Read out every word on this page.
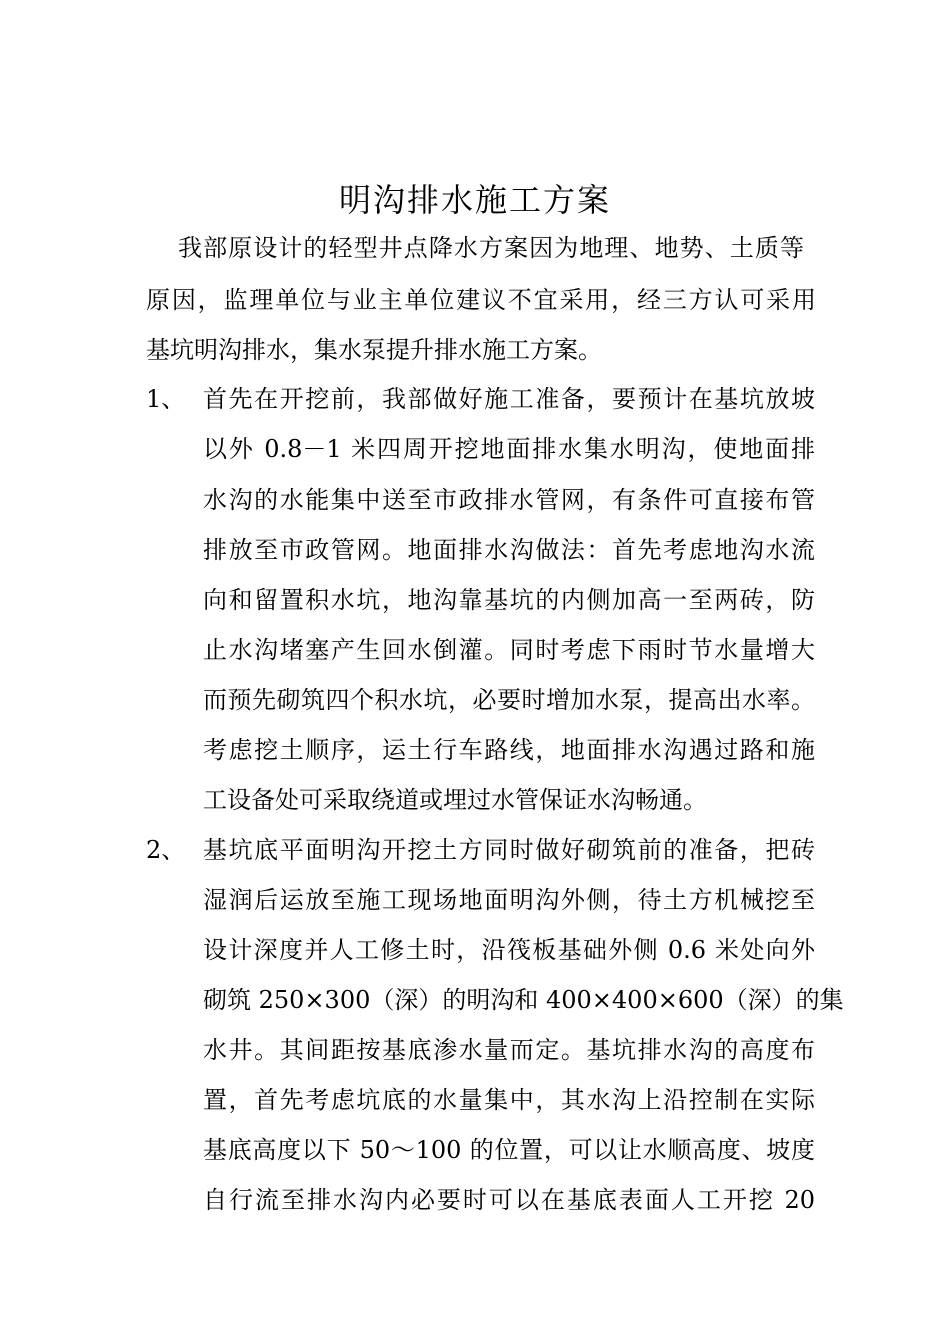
明沟排水施工方案
我部原设计的轻型井点降水方案因为地理、地势、土质等
原因，监理单位与业主单位建议不宜采用，经三方认可采用
基坑明沟排水，集水泵提升排水施工方案。
1、 首先在开挖前，我部做好施工准备，要预计在基坑放坡
以外 0.8－1 米四周开挖地面排水集水明沟，使地面排
水沟的水能集中送至市政排水管网，有条件可直接布管
排放至市政管网。地面排水沟做法：首先考虑地沟水流
向和留置积水坑，地沟靠基坑的内侧加高一至两砖，防
止水沟堵塞产生回水倒灌。同时考虑下雨时节水量增大
而预先砌筑四个积水坑，必要时增加水泵，提高出水率。
考虑挖土顺序，运土行车路线，地面排水沟遇过路和施
工设备处可采取绕道或埋过水管保证水沟畅通。
2、 基坑底平面明沟开挖土方同时做好砌筑前的准备，把砖
湿润后运放至施工现场地面明沟外侧，待土方机械挖至
设计深度并人工修土时，沿筏板基础外侧 0.6 米处向外
砌筑 250×300（深）的明沟和 400×400×600（深）的集
水井。其间距按基底渗水量而定。基坑排水沟的高度布
置，首先考虑坑底的水量集中，其水沟上沿控制在实际
基底高度以下 50～100 的位置，可以让水顺高度、坡度
自行流至排水沟内必要时可以在基底表面人工开挖 20
